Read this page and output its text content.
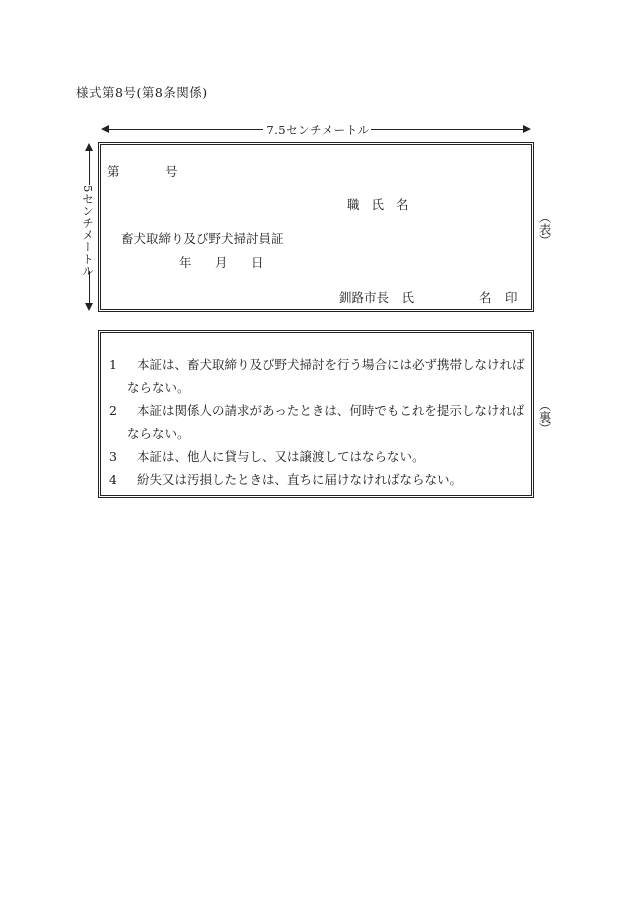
様式第8号(第8条関係)
7.5センチメートル
5センチメートル
第	号
職 氏 名
畜犬取締り及び野犬掃討員証
年 月 日
釧路市長　氏	名 印
︵
表
︶
1	本証は、畜犬取締り及び野犬掃討を行う場合には必ず携帯しなければならない。
2	本証は関係人の請求があったときは、何時でもこれを提示しなければならない。
3	本証は、他人に貸与し、又は譲渡してはならない。
4	紛失又は汚損したときは、直ちに届けなければならない。
︵
裏
︶
